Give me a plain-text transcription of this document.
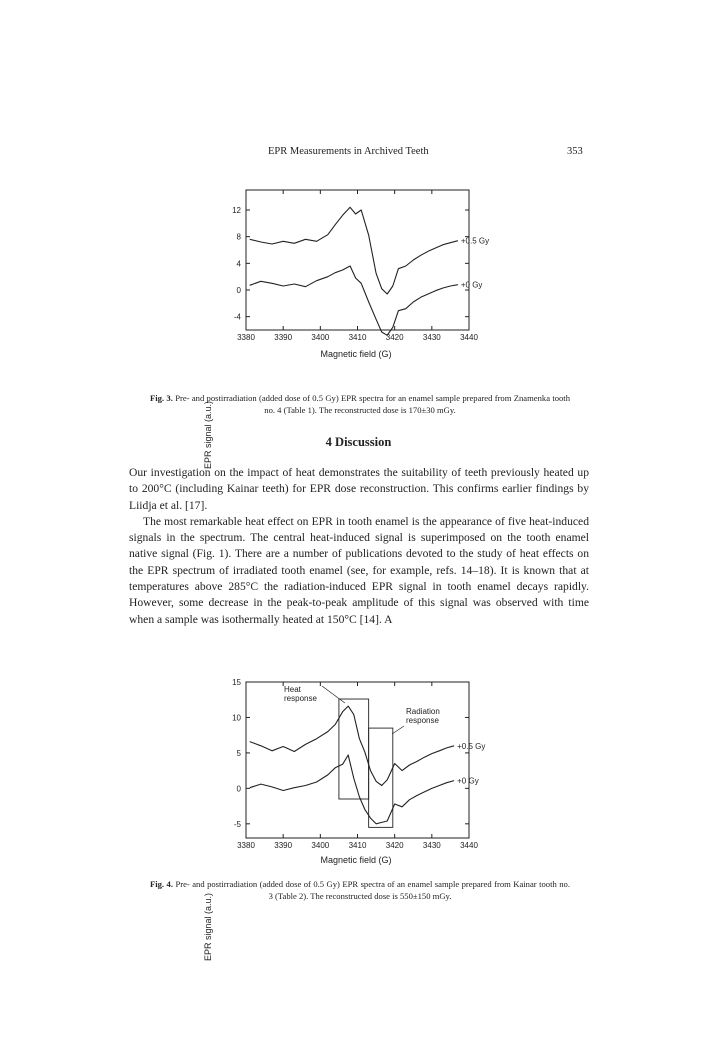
EPR Measurements in Archived Teeth	353
EPR signal (a.u.)
3380 3390 3400 3410 3420 3430 3440
12
8
4
0
-4
+0.5 Gy
+0 Gy
Magnetic field (G)
Fig. 3. Pre- and postirradiation (added dose of 0.5 Gy) EPR spectra for an enamel sample prepared from Znamenka tooth no. 4 (Table 1). The reconstructed dose is 170±30 mGy.
4 Discussion

Our investigation on the impact of heat demonstrates the suitability of teeth previously heated up to 200°C (including Kainar teeth) for EPR dose reconstruction. This confirms earlier findings by Liidja et al. [17].

The most remarkable heat effect on EPR in tooth enamel is the appearance of five heat-induced signals in the spectrum. The central heat-induced signal is superimposed on the tooth enamel native signal (Fig. 1). There are a number of publications devoted to the study of heat effects on the EPR spectrum of irradiated tooth enamel (see, for example, refs. 14–18). It is known that at temperatures above 285°C the radiation-induced EPR signal in tooth enamel decays rapidly. However, some decrease in the peak-to-peak amplitude of this signal was observed with time when a sample was isothermally heated at 150°C [14]. A

EPR signal (a.u.)
3380 3390 3400 3410 3420 3430 3440
15
10
5
0
-5
Heat
response
Radiation
response
+0.5 Gy
+0 Gy
Magnetic field (G)
Fig. 4. Pre- and postirradiation (added dose of 0.5 Gy) EPR spectra of an enamel sample prepared from Kainar tooth no. 3 (Table 2). The reconstructed dose is 550±150 mGy.
